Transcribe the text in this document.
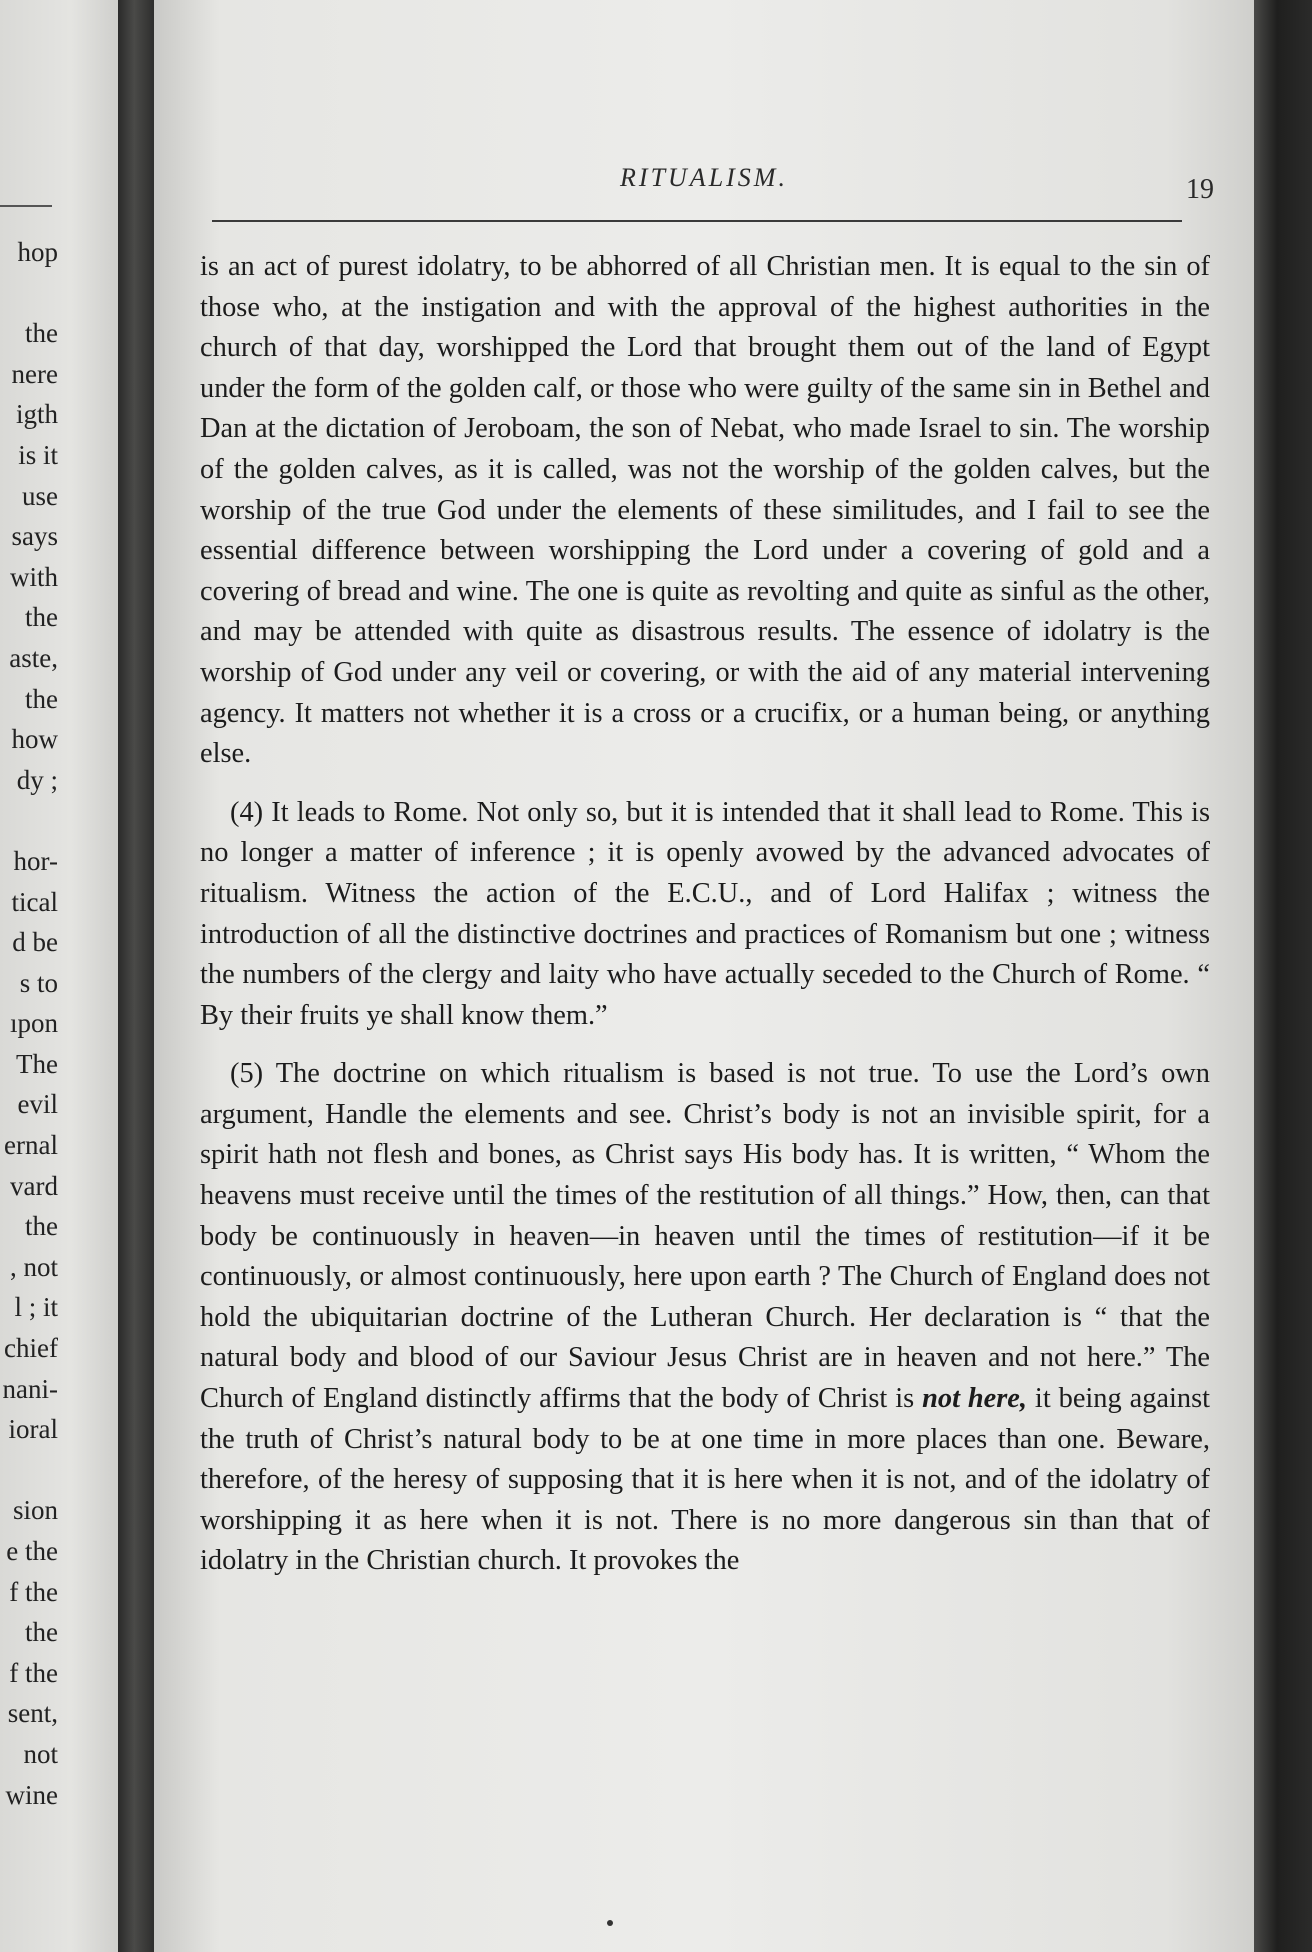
hop
the
nere
igth
is it
use
says
with
the
aste,
the
how
dy ;
hor-
tical
d be
s to
ıpon
The
evil
ernal
vard
the
, not
l ; it
chief
nani-
ioral
sion
e the
f the
the
f the
sent,
not
wine
RITUALISM.	19

is an act of purest idolatry, to be abhorred of all Christian men. It is equal to the sin of those who, at the instigation and with the approval of the highest authorities in the church of that day, worshipped the Lord that brought them out of the land of Egypt under the form of the golden calf, or those who were guilty of the same sin in Bethel and Dan at the dictation of Jeroboam, the son of Nebat, who made Israel to sin. The worship of the golden calves, as it is called, was not the worship of the golden calves, but the worship of the true God under the elements of these similitudes, and I fail to see the essential difference between worshipping the Lord under a covering of gold and a covering of bread and wine. The one is quite as revolting and quite as sinful as the other, and may be attended with quite as disastrous results. The essence of idolatry is the worship of God under any veil or covering, or with the aid of any material intervening agency. It matters not whether it is a cross or a crucifix, or a human being, or anything else.

(4) It leads to Rome. Not only so, but it is intended that it shall lead to Rome. This is no longer a matter of inference ; it is openly avowed by the advanced advocates of ritualism. Witness the action of the E.C.U., and of Lord Halifax ; witness the introduction of all the distinctive doctrines and practices of Romanism but one ; witness the numbers of the clergy and laity who have actually seceded to the Church of Rome. “ By their fruits ye shall know them.”

(5) The doctrine on which ritualism is based is not true. To use the Lord’s own argument, Handle the elements and see. Christ’s body is not an invisible spirit, for a spirit hath not flesh and bones, as Christ says His body has. It is written, “ Whom the heavens must receive until the times of the restitution of all things.” How, then, can that body be continuously in heaven—in heaven until the times of restitution—if it be continuously, or almost continuously, here upon earth ? The Church of England does not hold the ubiquitarian doctrine of the Lutheran Church. Her declaration is “ that the natural body and blood of our Saviour Jesus Christ are in heaven and not here.” The Church of England distinctly affirms that the body of Christ is not here, it being against the truth of Christ’s natural body to be at one time in more places than one. Beware, therefore, of the heresy of supposing that it is here when it is not, and of the idolatry of worshipping it as here when it is not. There is no more dangerous sin than that of idolatry in the Christian church. It provokes the
